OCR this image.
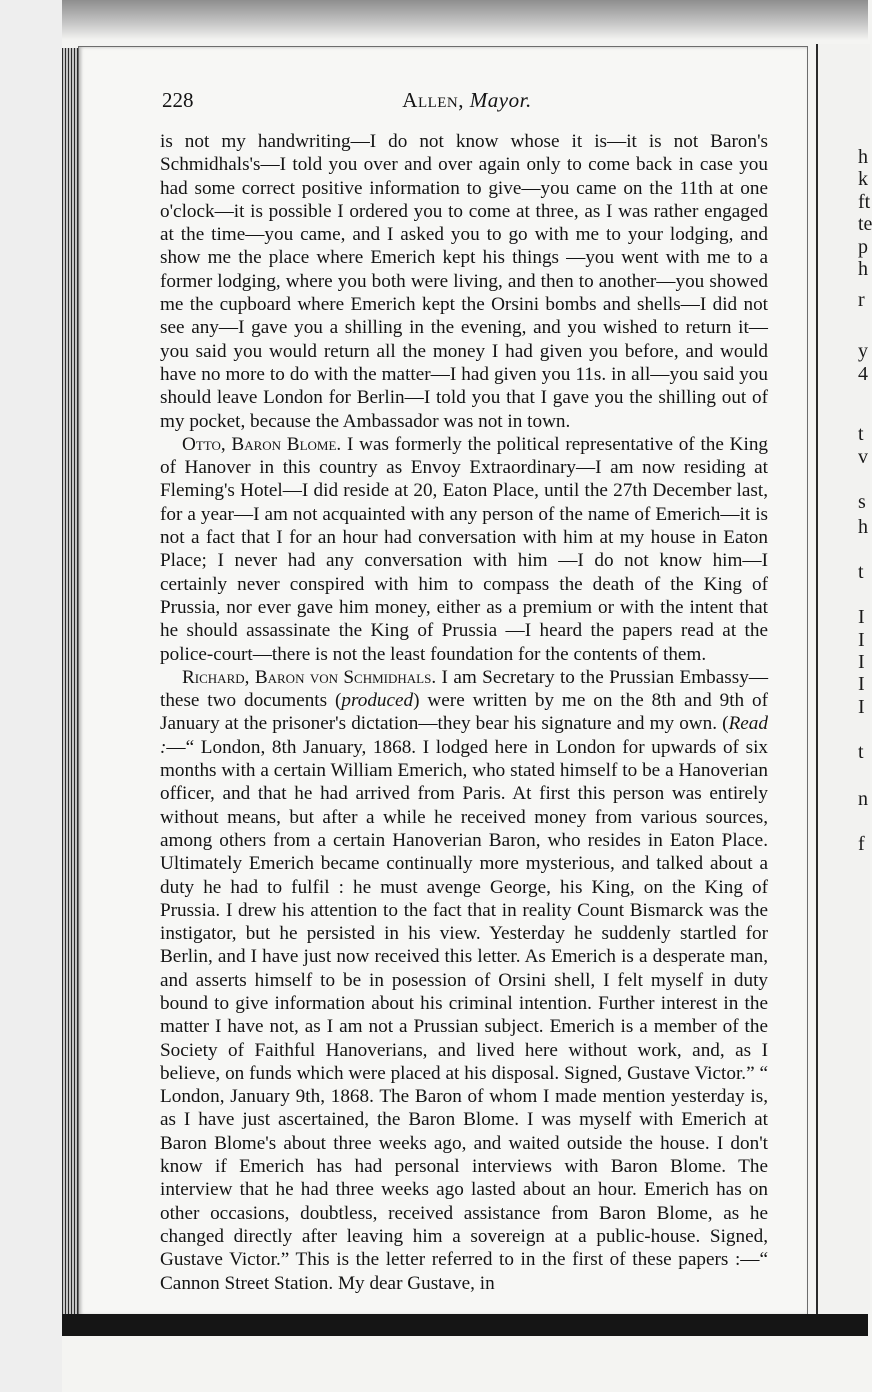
h
k
ft
te
p
h
r
y
4
t
v
s
h
t
I
I
I
I
I
t
n
f
228	Allen, Mayor.

is not my handwriting—I do not know whose it is—it is not Baron's Schmidhals's—I told you over and over again only to come back in case you had some correct positive information to give—you came on the 11th at one o'clock—it is possible I ordered you to come at three, as I was rather engaged at the time—you came, and I asked you to go with me to your lodging, and show me the place where Emerich kept his things —you went with me to a former lodging, where you both were living, and then to another—you showed me the cupboard where Emerich kept the Orsini bombs and shells—I did not see any—I gave you a shilling in the evening, and you wished to return it—you said you would return all the money I had given you before, and would have no more to do with the matter—I had given you 11s. in all—you said you should leave London for Berlin—I told you that I gave you the shilling out of my pocket, because the Ambassador was not in town.

Otto, Baron Blome. I was formerly the political representative of the King of Hanover in this country as Envoy Extraordinary—I am now residing at Fleming's Hotel—I did reside at 20, Eaton Place, until the 27th December last, for a year—I am not acquainted with any person of the name of Emerich—it is not a fact that I for an hour had conversation with him at my house in Eaton Place; I never had any conversation with him —I do not know him—I certainly never conspired with him to compass the death of the King of Prussia, nor ever gave him money, either as a premium or with the intent that he should assassinate the King of Prussia —I heard the papers read at the police-court—there is not the least foundation for the contents of them.

Richard, Baron von Schmidhals. I am Secretary to the Prussian Embassy—these two documents (produced) were written by me on the 8th and 9th of January at the prisoner's dictation—they bear his signature and my own. (Read :—“ London, 8th January, 1868. I lodged here in London for upwards of six months with a certain William Emerich, who stated himself to be a Hanoverian officer, and that he had arrived from Paris. At first this person was entirely without means, but after a while he received money from various sources, among others from a certain Hanoverian Baron, who resides in Eaton Place. Ultimately Emerich became continually more mysterious, and talked about a duty he had to fulfil : he must avenge George, his King, on the King of Prussia. I drew his attention to the fact that in reality Count Bismarck was the instigator, but he persisted in his view. Yesterday he suddenly startled for Berlin, and I have just now received this letter. As Emerich is a desperate man, and asserts himself to be in posession of Orsini shell, I felt myself in duty bound to give information about his criminal intention. Further interest in the matter I have not, as I am not a Prussian subject. Emerich is a member of the Society of Faithful Hanoverians, and lived here without work, and, as I believe, on funds which were placed at his disposal. Signed, Gustave Victor.” “ London, January 9th, 1868. The Baron of whom I made mention yesterday is, as I have just ascertained, the Baron Blome. I was myself with Emerich at Baron Blome's about three weeks ago, and waited outside the house. I don't know if Emerich has had personal interviews with Baron Blome. The interview that he had three weeks ago lasted about an hour. Emerich has on other occasions, doubtless, received assistance from Baron Blome, as he changed directly after leaving him a sovereign at a public-house. Signed, Gustave Victor.” This is the letter referred to in the first of these papers :—“ Cannon Street Station. My dear Gustave, in
